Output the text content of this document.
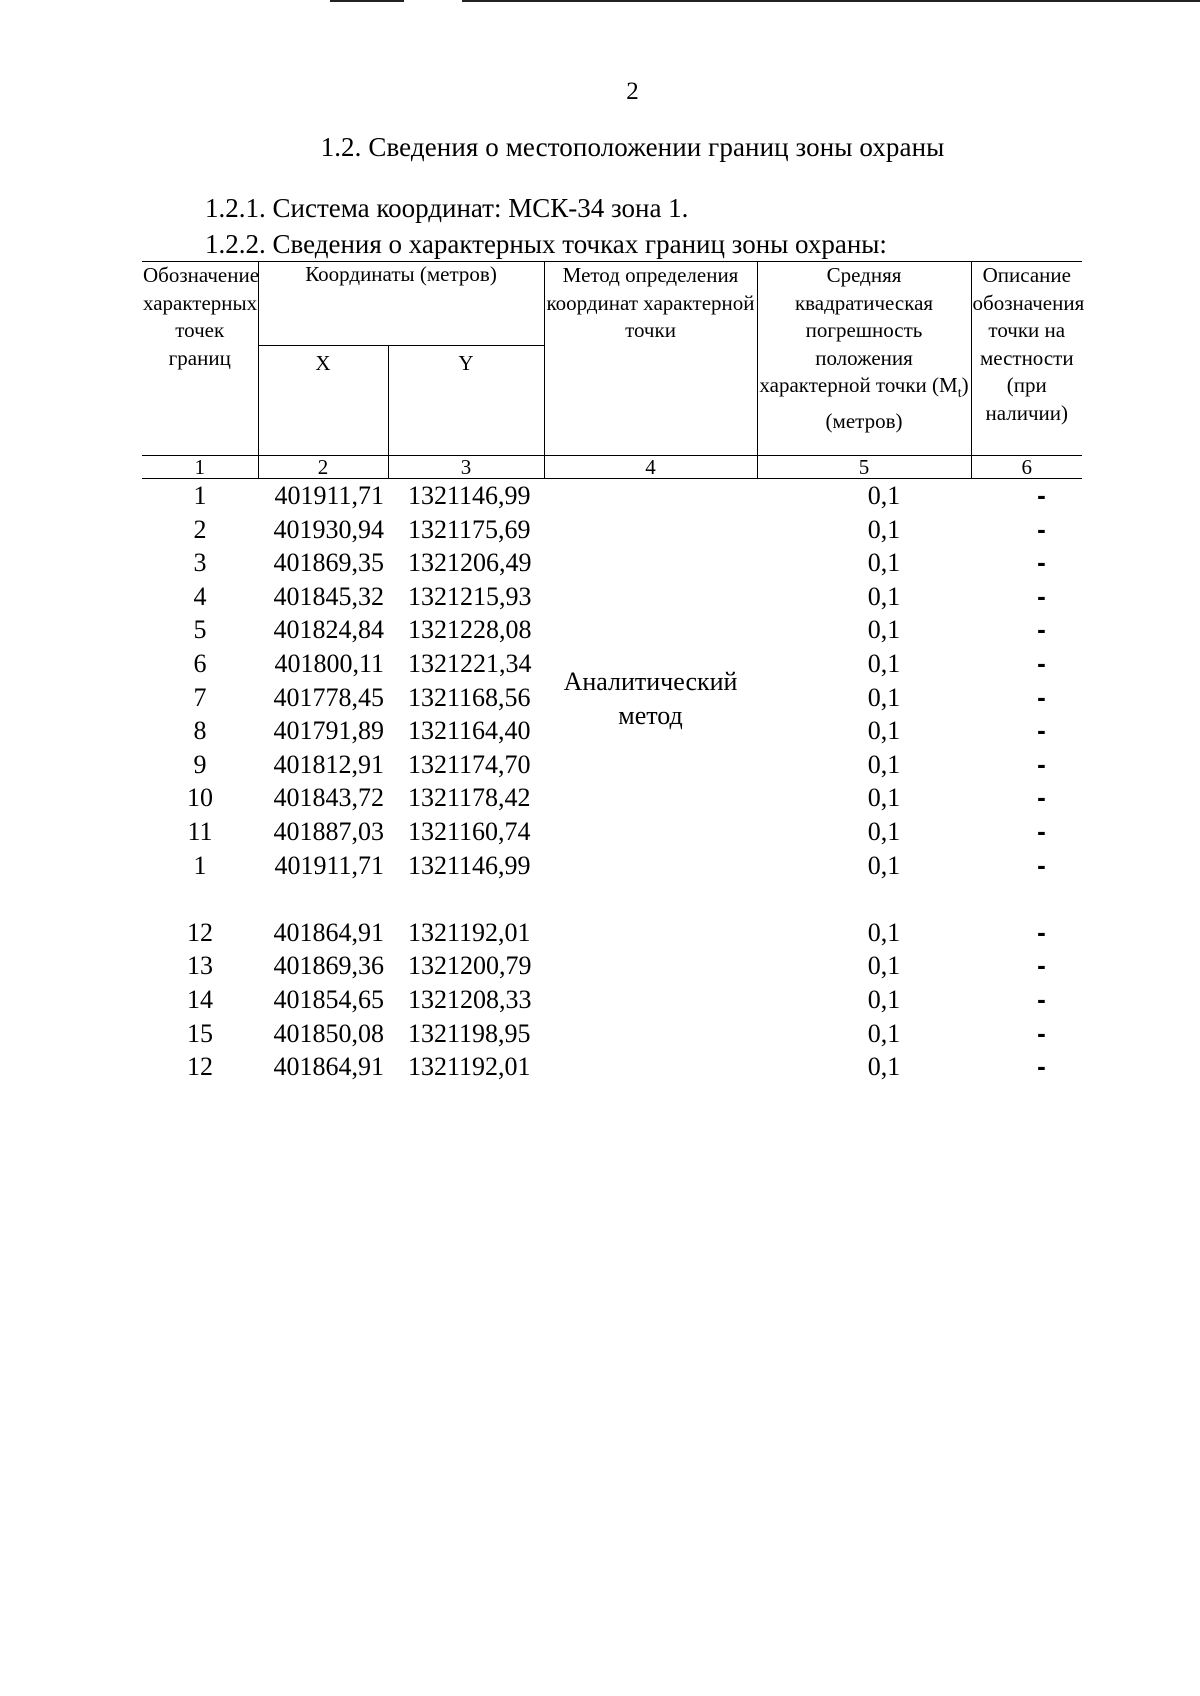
2
1.2. Сведения о местоположении границ зоны охраны
1.2.1. Система координат: МСК-34 зона 1.
1.2.2. Сведения о характерных точках границ зоны охраны:
Обозначение характерных точек границ	Координаты (метров)		Метод определения координат характерной точки	Средняя квадратическая погрешность положения характерной точки $(M_t)$ (метров)	Описание обозначения точки на местности (при наличии)
	X	Y			
1	2	3	4	5	6
1	401911,71	1321146,99	Аналитический метод	0,1	-
2	401930,94	1321175,69		0,1	-
3	401869,35	1321206,49		0,1	-
4	401845,32	1321215,93		0,1	-
5	401824,84	1321228,08		0,1	-
6	401800,11	1321221,34		0,1	-
7	401778,45	1321168,56		0,1	-
8	401791,89	1321164,40		0,1	-
9	401812,91	1321174,70		0,1	-
10	401843,72	1321178,42		0,1	-
11	401887,03	1321160,74		0,1	-
1	401911,71	1321146,99		0,1	-

12	401864,91	1321192,01		0,1	-
13	401869,36	1321200,79		0,1	-
14	401854,65	1321208,33		0,1	-
15	401850,08	1321198,95		0,1	-
12	401864,91	1321192,01		0,1	-
